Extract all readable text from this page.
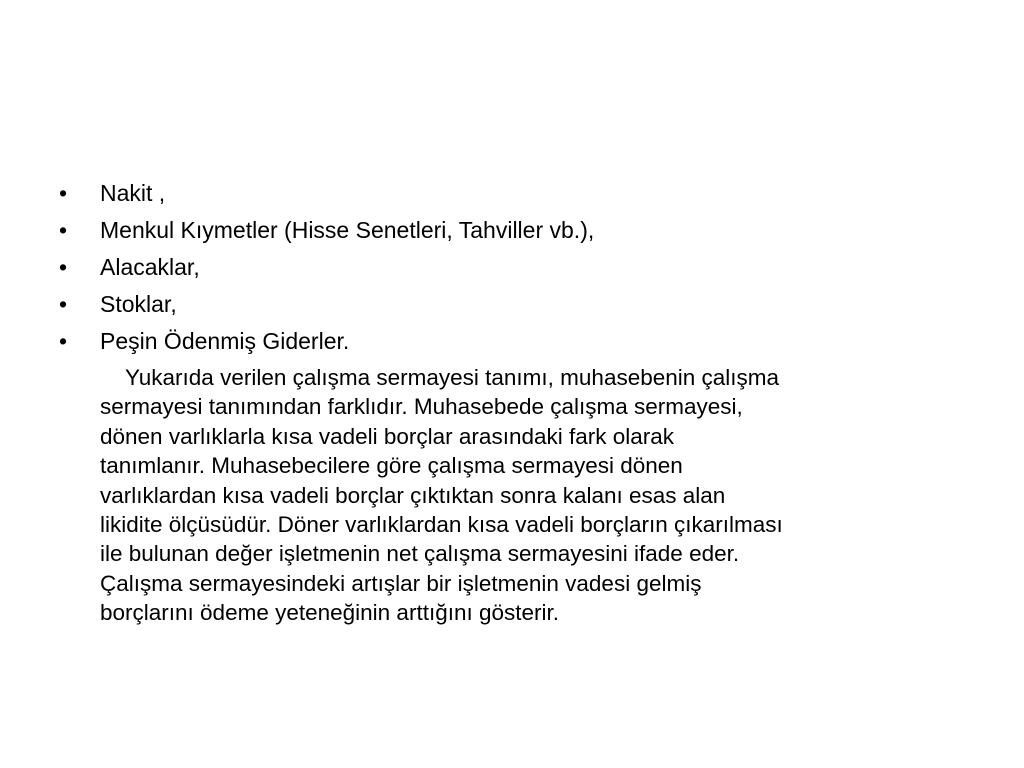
• Nakit ,
• Menkul Kıymetler (Hisse Senetleri, Tahviller vb.),
• Alacaklar,
• Stoklar,
• Peşin Ödenmiş Giderler.

Yukarıda verilen çalışma sermayesi tanımı, muhasebenin çalışma
sermayesi tanımından farklıdır. Muhasebede çalışma sermayesi,
dönen varlıklarla kısa vadeli borçlar arasındaki fark olarak
tanımlanır. Muhasebecilere göre çalışma sermayesi dönen
varlıklardan kısa vadeli borçlar çıktıktan sonra kalanı esas alan
likidite ölçüsüdür. Döner varlıklardan kısa vadeli borçların çıkarılması
ile bulunan değer işletmenin net çalışma sermayesini ifade eder.
Çalışma sermayesindeki artışlar bir işletmenin vadesi gelmiş
borçlarını ödeme yeteneğinin arttığını gösterir.
